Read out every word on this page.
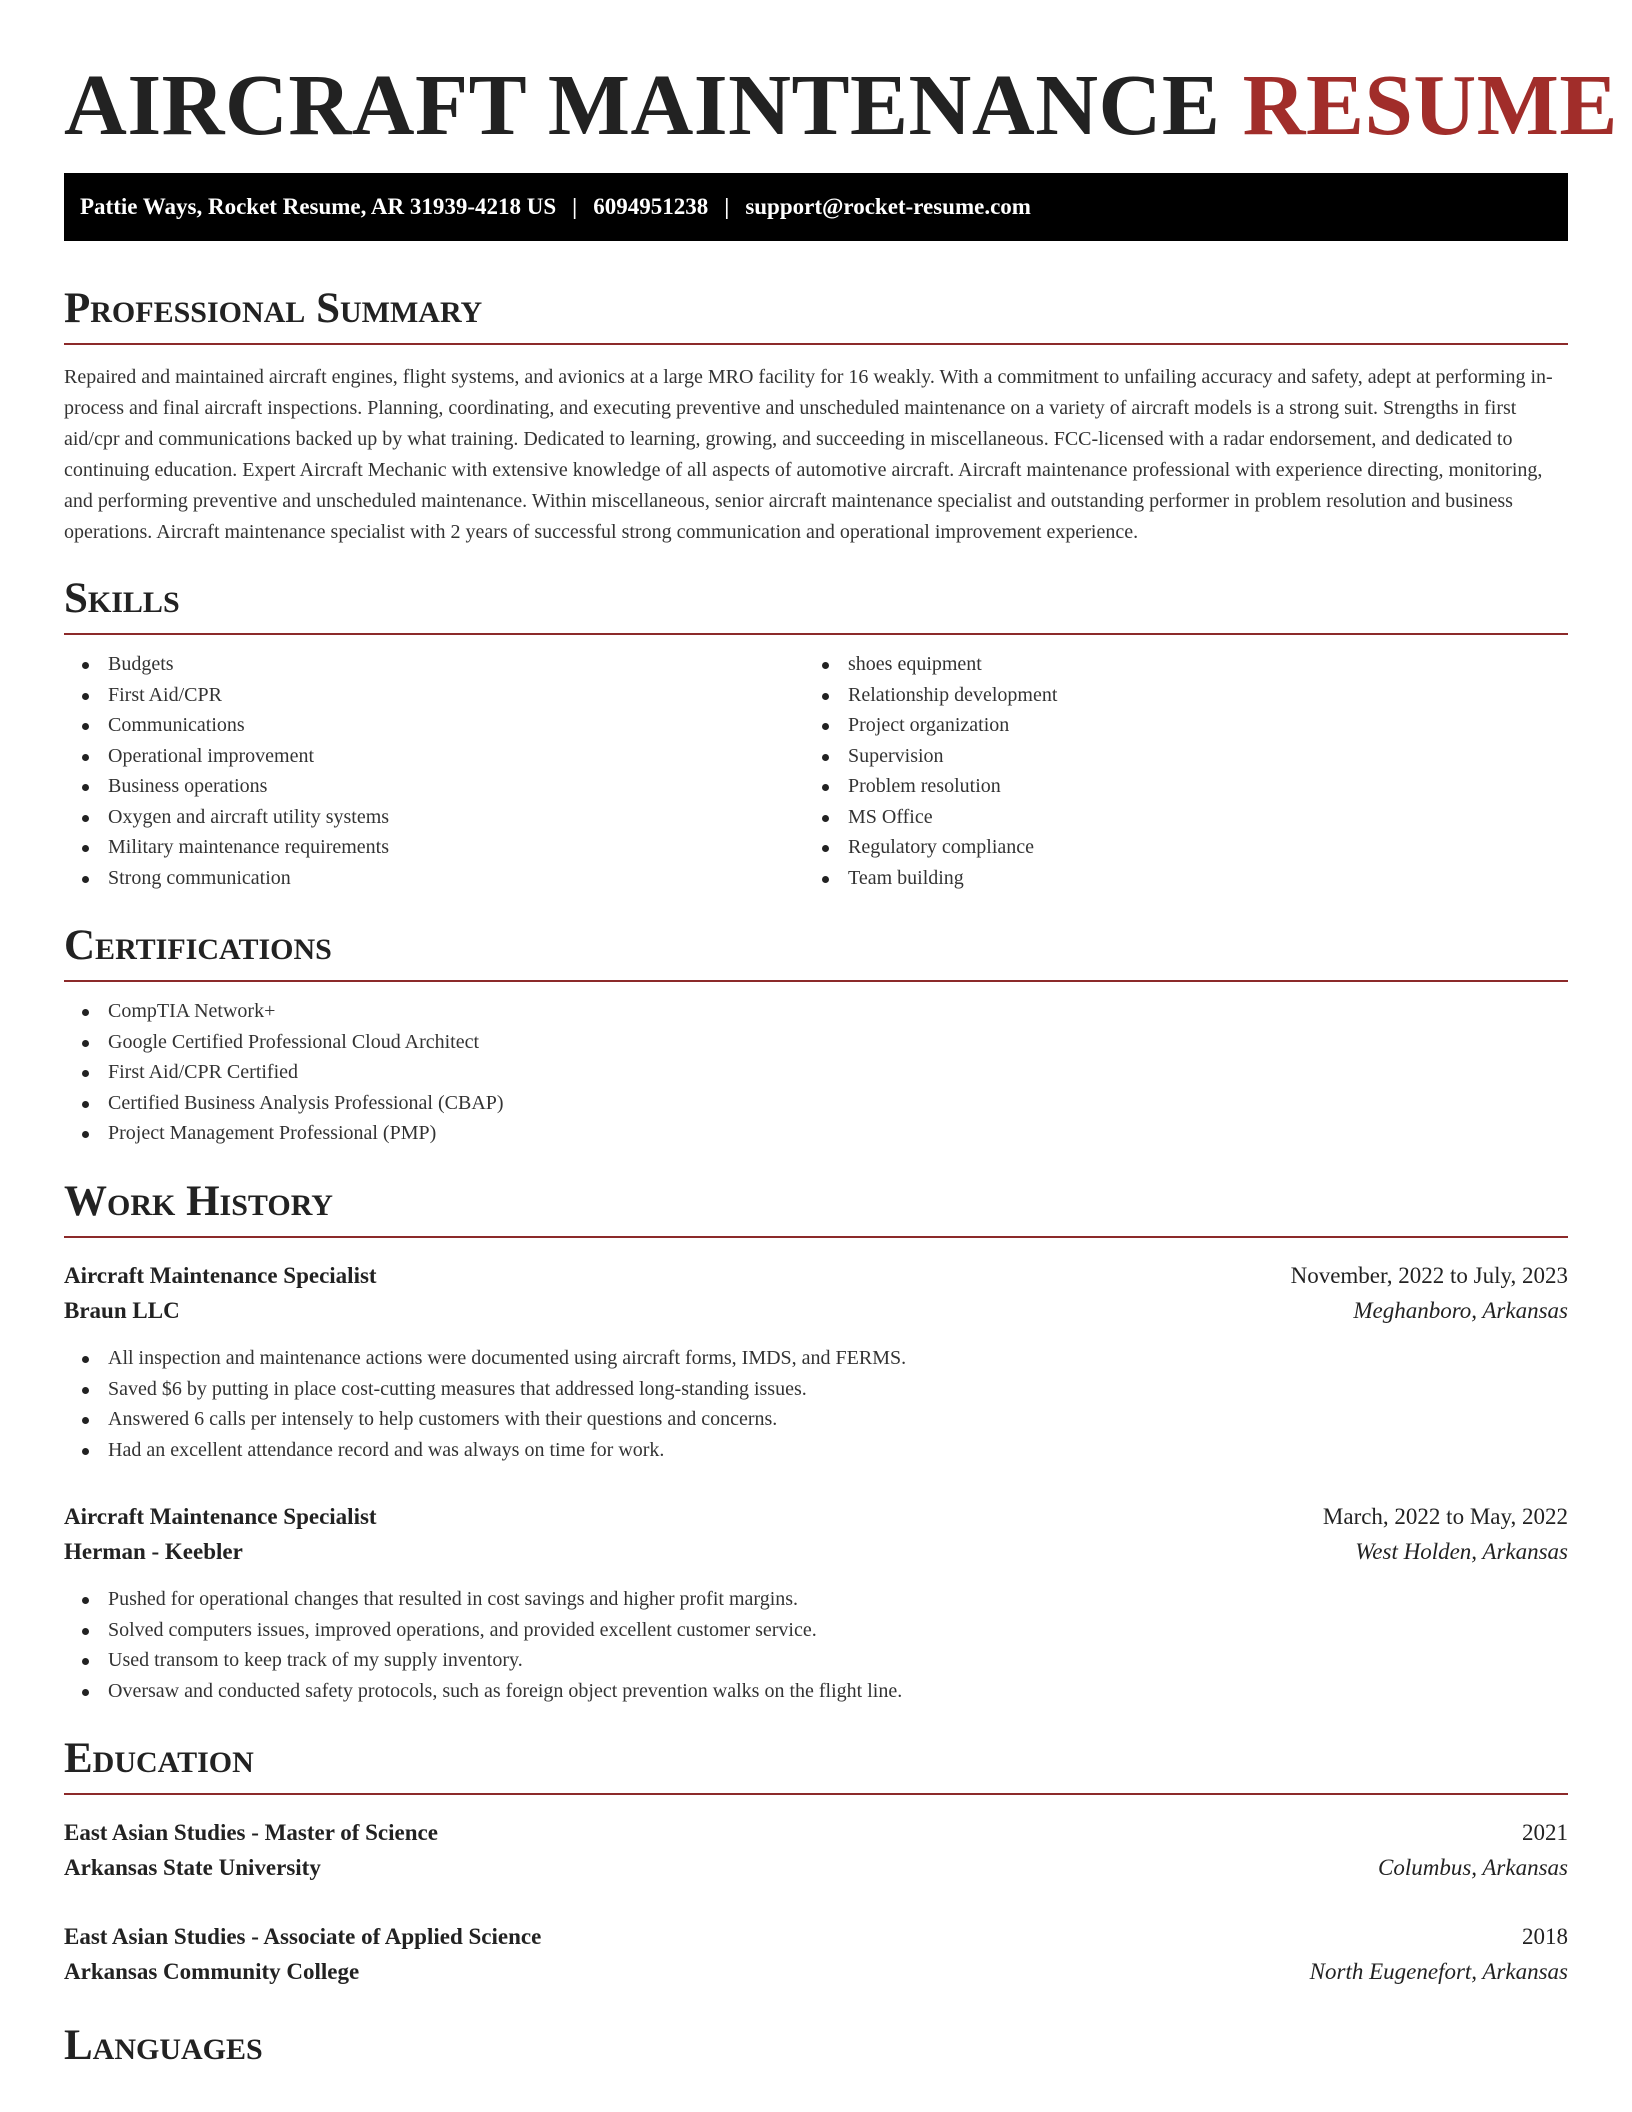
AIRCRAFT MAINTENANCE RESUME
Pattie Ways, Rocket Resume, AR 31939-4218 US | 6094951238 | support@rocket-resume.com
Professional Summary

Repaired and maintained aircraft engines, flight systems, and avionics at a large MRO facility for 16 weakly. With a commitment to unfailing accuracy and safety, adept at performing in-process and final aircraft inspections. Planning, coordinating, and executing preventive and unscheduled maintenance on a variety of aircraft models is a strong suit. Strengths in first aid/cpr and communications backed up by what training. Dedicated to learning, growing, and succeeding in miscellaneous. FCC-licensed with a radar endorsement, and dedicated to continuing education. Expert Aircraft Mechanic with extensive knowledge of all aspects of automotive aircraft. Aircraft maintenance professional with experience directing, monitoring, and performing preventive and unscheduled maintenance. Within miscellaneous, senior aircraft maintenance specialist and outstanding performer in problem resolution and business operations. Aircraft maintenance specialist with 2 years of successful strong communication and operational improvement experience.

Skills
Budgets
First Aid/CPR
Communications
Operational improvement
Business operations
Oxygen and aircraft utility systems
Military maintenance requirements
Strong communication
shoes equipment
Relationship development
Project organization
Supervision
Problem resolution
MS Office
Regulatory compliance
Team building
Certifications
CompTIA Network+
Google Certified Professional Cloud Architect
First Aid/CPR Certified
Certified Business Analysis Professional (CBAP)
Project Management Professional (PMP)
Work History
Aircraft Maintenance Specialist	November, 2022 to July, 2023
Braun LLC	Meghanboro, Arkansas
All inspection and maintenance actions were documented using aircraft forms, IMDS, and FERMS.
Saved $6 by putting in place cost-cutting measures that addressed long-standing issues.
Answered 6 calls per intensely to help customers with their questions and concerns.
Had an excellent attendance record and was always on time for work.
Aircraft Maintenance Specialist	March, 2022 to May, 2022
Herman - Keebler	West Holden, Arkansas
Pushed for operational changes that resulted in cost savings and higher profit margins.
Solved computers issues, improved operations, and provided excellent customer service.
Used transom to keep track of my supply inventory.
Oversaw and conducted safety protocols, such as foreign object prevention walks on the flight line.
Education
East Asian Studies - Master of Science	2021
Arkansas State University	Columbus, Arkansas
East Asian Studies - Associate of Applied Science	2018
Arkansas Community College	North Eugenefort, Arkansas
Languages
